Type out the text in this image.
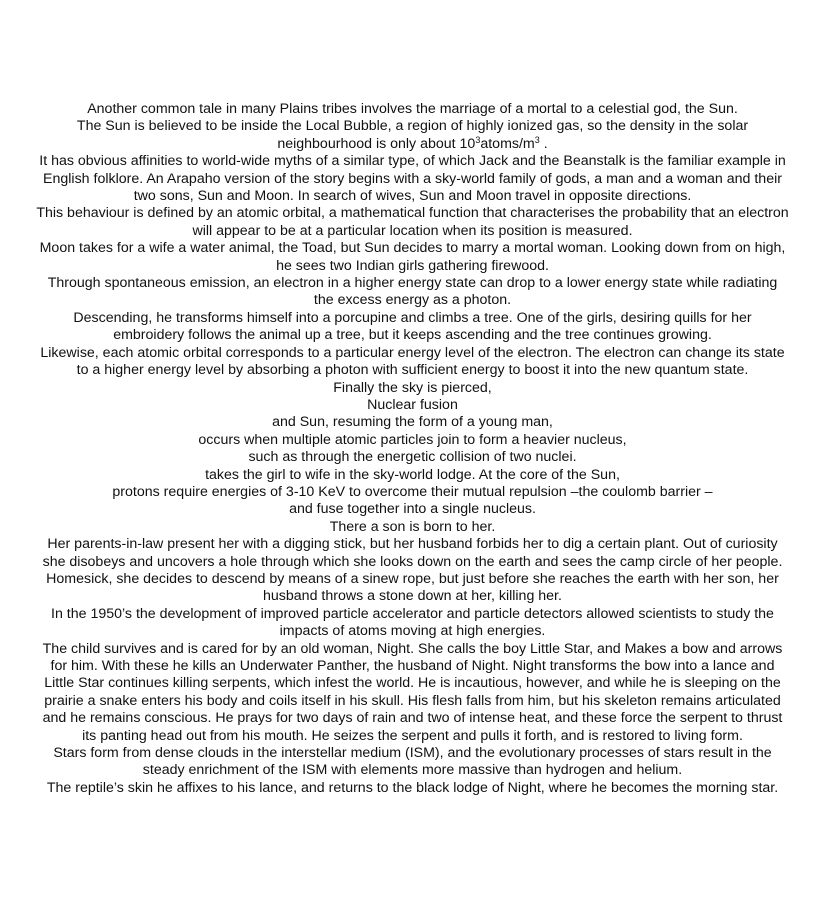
Another common tale in many Plains tribes involves the marriage of a mortal to a celestial god, the Sun.

The Sun is believed to be inside the Local Bubble, a region of highly ionized gas, so the density in the solar neighbourhood is only about $10^3atoms/m^3$ .

It has obvious affinities to world-wide myths of a similar type, of which Jack and the Beanstalk is the familiar example in English folklore. An Arapaho version of the story begins with a sky-world family of gods, a man and a woman and their two sons, Sun and Moon. In search of wives, Sun and Moon travel in opposite directions.

This behaviour is defined by an atomic orbital, a mathematical function that characterises the probability that an electron will appear to be at a particular location when its position is measured.

Moon takes for a wife a water animal, the Toad, but Sun decides to marry a mortal woman. Looking down from on high, he sees two Indian girls gathering firewood.

Through spontaneous emission, an electron in a higher energy state can drop to a lower energy state while radiating the excess energy as a photon.

Descending, he transforms himself into a porcupine and climbs a tree. One of the girls, desiring quills for her embroidery follows the animal up a tree, but it keeps ascending and the tree continues growing.

Likewise, each atomic orbital corresponds to a particular energy level of the electron. The electron can change its state to a higher energy level by absorbing a photon with sufficient energy to boost it into the new quantum state.

Finally the sky is pierced,

Nuclear fusion

and Sun, resuming the form of a young man,

occurs when multiple atomic particles join to form a heavier nucleus,

such as through the energetic collision of two nuclei.

takes the girl to wife in the sky-world lodge. At the core of the Sun,

protons require energies of 3-10 KeV to overcome their mutual repulsion –the coulomb barrier –

and fuse together into a single nucleus.

There a son is born to her.

Her parents-in-law present her with a digging stick, but her husband forbids her to dig a certain plant. Out of curiosity she disobeys and uncovers a hole through which she looks down on the earth and sees the camp circle of her people. Homesick, she decides to descend by means of a sinew rope, but just before she reaches the earth with her son, her husband throws a stone down at her, killing her.

In the 1950’s the development of improved particle accelerator and particle detectors allowed scientists to study the impacts of atoms moving at high energies.

The child survives and is cared for by an old woman, Night. She calls the boy Little Star, and Makes a bow and arrows for him. With these he kills an Underwater Panther, the husband of Night. Night transforms the bow into a lance and Little Star continues killing serpents, which infest the world. He is incautious, however, and while he is sleeping on the prairie a snake enters his body and coils itself in his skull. His flesh falls from him, but his skeleton remains articulated and he remains conscious. He prays for two days of rain and two of intense heat, and these force the serpent to thrust its panting head out from his mouth. He seizes the serpent and pulls it forth, and is restored to living form.

Stars form from dense clouds in the interstellar medium (ISM), and the evolutionary processes of stars result in the steady enrichment of the ISM with elements more massive than hydrogen and helium.

The reptile’s skin he affixes to his lance, and returns to the black lodge of Night, where he becomes the morning star.
